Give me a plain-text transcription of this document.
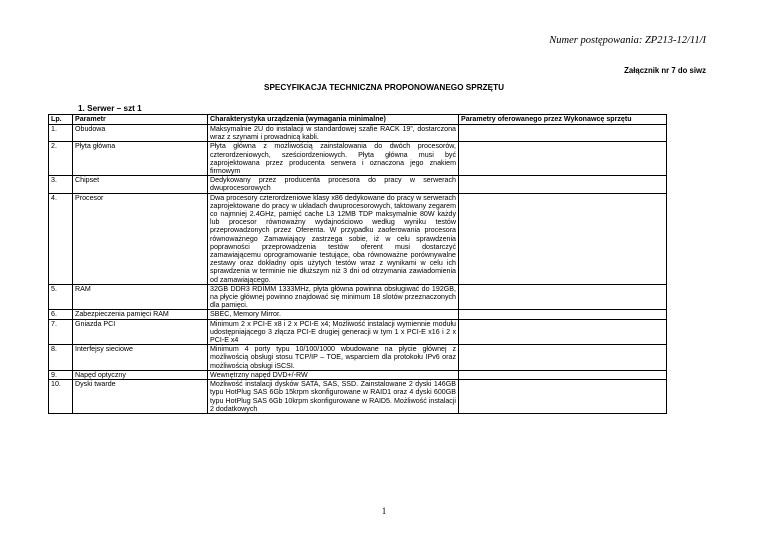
Numer postępowania: ZP213-12/11/I
Załącznik nr 7 do siwz
SPECYFIKACJA TECHNICZNA PROPONOWANEGO SPRZĘTU
1. Serwer – szt 1
Lp.	Parametr	Charakterystyka urządzenia (wymagania minimalne)	Parametry oferowanego przez Wykonawcę sprzętu
1.	Obudowa	Maksymalnie 2U do instalacji w standardowej szafie RACK 19”, dostarczona wraz z szynami i prowadnicą kabli.	
2.	Płyta główna	Płyta główna z możliwością zainstalowania do dwóch procesorów, czterordzeniowych, sześciordzeniowych. Płyta główna musi być zaprojektowana przez producenta serwera i oznaczona jego znakiem firmowym	
3.	Chipset	Dedykowany przez producenta procesora do pracy w serwerach dwuprocesorowych	
4.	Procesor	Dwa procesory czterordzeniowe klasy x86 dedykowane do pracy w serwerach zaprojektowane do pracy w układach dwuprocesorowych, taktowany zegarem co najmniej 2.4GHz, pamięć cache L3 12MB TDP maksymalnie 80W każdy lub procesor równoważny wydajnościowo według wyniku testów przeprowadzonych przez Oferenta. W przypadku zaoferowania procesora równoważnego Zamawiający zastrzega sobie, iż w celu sprawdzenia poprawności przeprowadzenia testów oferent musi dostarczyć zamawiającemu oprogramowanie testujące, oba równoważne porównywalne zestawy oraz dokładny opis użytych testów wraz z wynikami w celu ich sprawdzenia w terminie nie dłuższym niż 3 dni od otrzymania zawiadomienia od zamawiającego.	
5.	RAM	32GB DDR3 RDIMM 1333MHz, płyta główna powinna obsługiwać do 192GB, na płycie głównej powinno znajdować się minimum 18 slotów przeznaczonych dla pamięci.	
6.	Zabezpieczenia pamięci RAM	SBEC, Memory Mirror.	
7.	Gniazda PCI	Minimum 2 x PCI-E x8 i 2 x PCI-E x4; Możliwość instalacji wymiennie modułu udostępniającego 3 złącza PCI-E drugiej generacji w tym 1 x PCI-E x16 i 2 x PCI-E x4	
8.	Interfejsy sieciowe	Minimum 4 porty typu 10/100/1000 wbudowane na płycie głównej z możliwością obsługi stosu TCP/IP – TOE, wsparciem dla protokołu IPv6 oraz możliwością obsługi iSCSI.	
9.	Napęd optyczny	Wewnętrzny napęd DVD+/-RW	
10.	Dyski twarde	Możliwość instalacji dysków SATA, SAS, SSD. Zainstalowane 2 dyski 146GB typu HotPlug SAS 6Gb 15krpm skonfigurowane w RAID1 oraz 4 dyski 600GB typu HotPlug SAS 6Gb 10krpm skonfigurowane w RAID5. Możliwość instalacji 2 dodatkowych	
1
